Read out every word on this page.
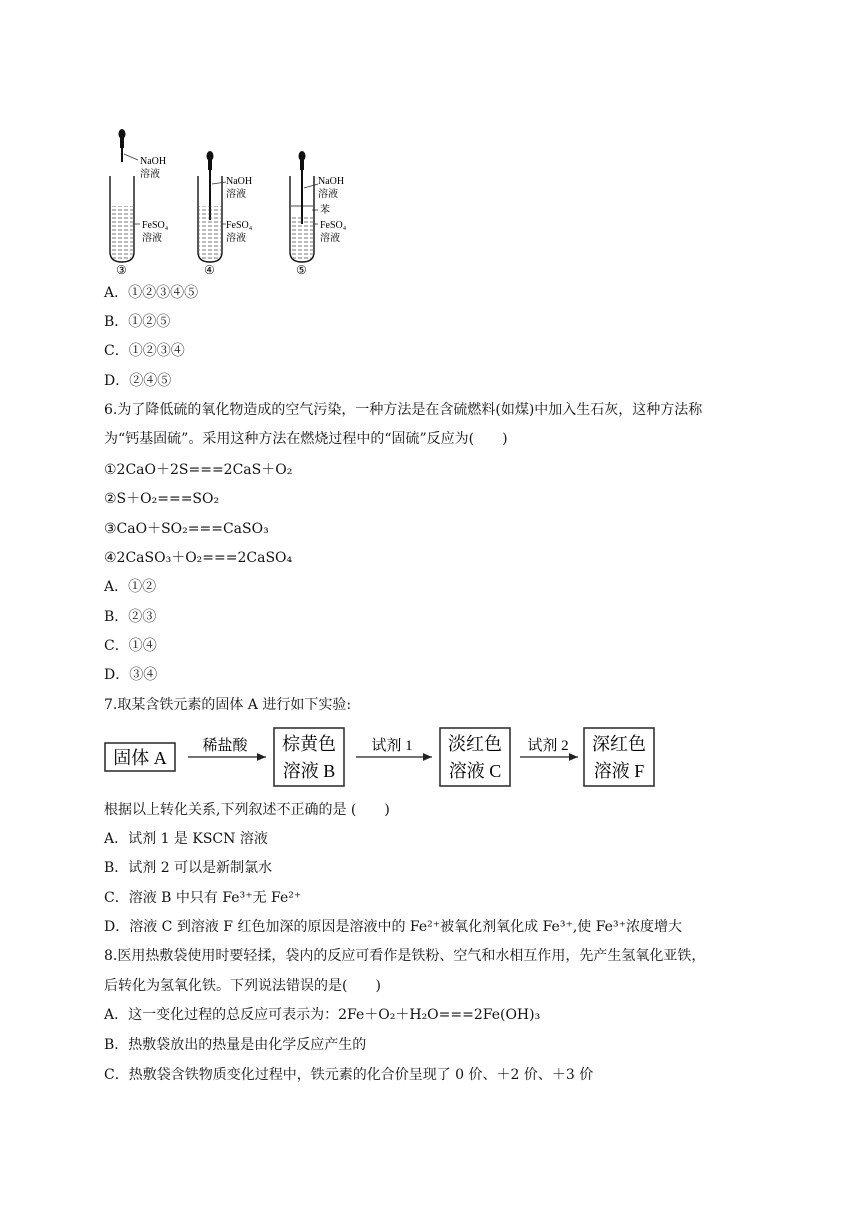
NaOH
溶液
FeSO₄
溶液
③
NaOH
溶液
FeSO₄
溶液
④
NaOH
溶液
苯
FeSO₄
溶液
⑤
A．①②③④⑤
B．①②⑤
C．①②③④
D．②④⑤
6.为了降低硫的氧化物造成的空气污染，一种方法是在含硫燃料(如煤)中加入生石灰，这种方法称
为“钙基固硫”。采用这种方法在燃烧过程中的“固硫”反应为(　　)
①2CaO＋2S===2CaS＋O₂
②S＋O₂===SO₂
③CaO＋SO₂===CaSO₃
④2CaSO₃＋O₂===2CaSO₄
A．①②
B．②③
C．①④
D．③④
7.取某含铁元素的固体 A 进行如下实验:
固体 A
稀盐酸 棕黄色
溶液 B
试剂 1 淡红色
溶液 C
试剂 2 深红色
溶液 F
根据以上转化关系,下列叙述不正确的是 (　　)
A．试剂 1 是 KSCN 溶液
B．试剂 2 可以是新制氯水
C．溶液 B 中只有 Fe³⁺无 Fe²⁺
D．溶液 C 到溶液 F 红色加深的原因是溶液中的 Fe²⁺被氧化剂氧化成 Fe³⁺,使 Fe³⁺浓度增大
8.医用热敷袋使用时要轻揉，袋内的反应可看作是铁粉、空气和水相互作用，先产生氢氧化亚铁，
后转化为氢氧化铁。下列说法错误的是(　　)
A．这一变化过程的总反应可表示为：2Fe＋O₂＋H₂O===2Fe(OH)₃
B．热敷袋放出的热量是由化学反应产生的
C．热敷袋含铁物质变化过程中，铁元素的化合价呈现了 0 价、＋2 价、＋3 价
